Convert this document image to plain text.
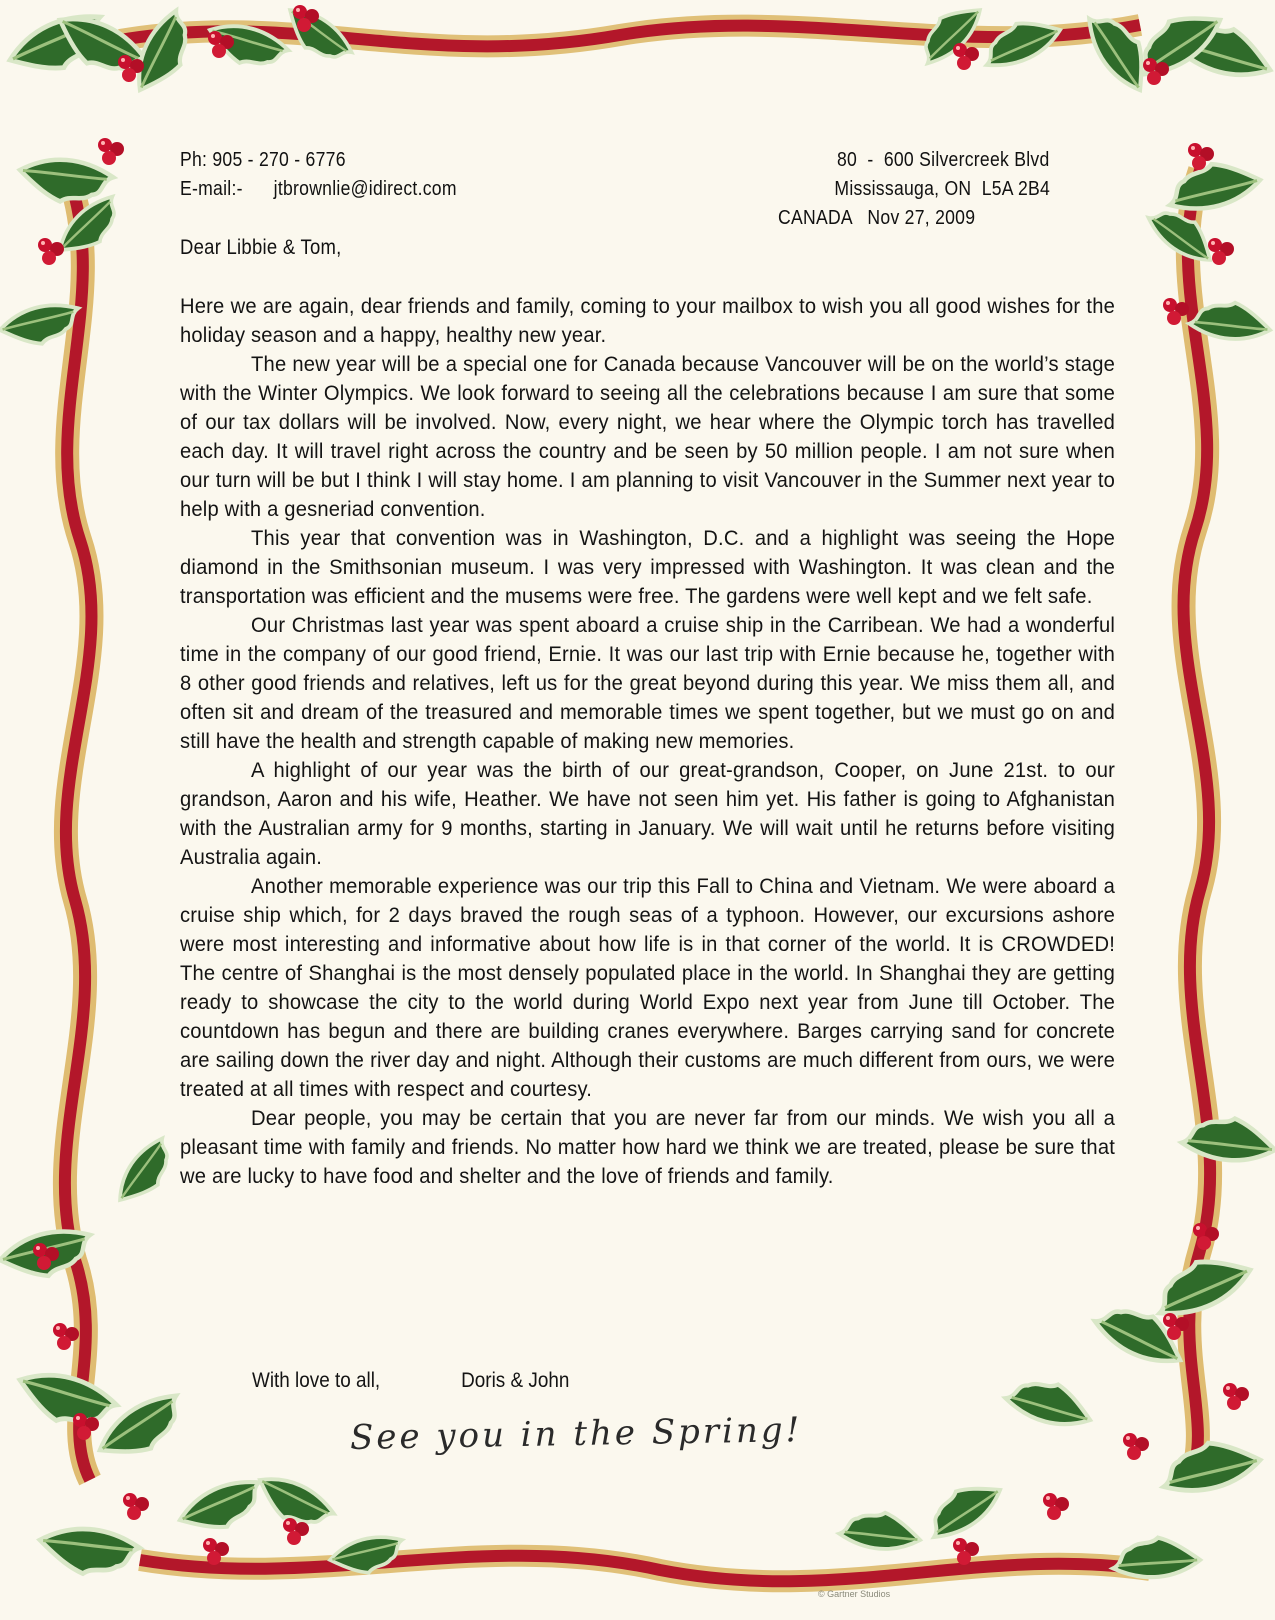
Ph: 905 - 270 - 6776
E-mail:-      jtbrownlie@idirect.com
80  -  600 Silvercreek Blvd
Mississauga, ON  L5A 2B4
CANADA   Nov 27, 2009
Dear Libbie & Tom,

Here we are again, dear friends and family, coming to your mailbox to wish you all good wishes for the holiday season and a happy, healthy new year.

The new year will be a special one for Canada because Vancouver will be on the world’s stage with the Winter Olympics. We look forward to seeing all the celebrations because I am sure that some of our tax dollars will be involved. Now, every night, we hear where the Olympic torch has travelled each day. It will travel right across the country and be seen by 50 million people. I am not sure when our turn will be but I think I will stay home. I am planning to visit Vancouver in the Summer next year to help with a gesneriad convention.

This year that convention was in Washington, D.C. and a highlight was seeing the Hope diamond in the Smithsonian museum. I was very impressed with Washington. It was clean and the transportation was efficient and the musems were free. The gardens were well kept and we felt safe.

Our Christmas last year was spent aboard a cruise ship in the Carribean. We had a wonderful time in the company of our good friend, Ernie. It was our last trip with Ernie because he, together with 8 other good friends and relatives, left us for the great beyond during this year. We miss them all, and often sit and dream of the treasured and memorable times we spent together, but we must go on and still have the health and strength capable of making new memories.

A highlight of our year was the birth of our great-grandson, Cooper, on June 21st. to our grandson, Aaron and his wife, Heather. We have not seen him yet. His father is going to Afghanistan with the Australian army for 9 months, starting in January. We will wait until he returns before visiting Australia again.

Another memorable experience was our trip this Fall to China and Vietnam. We were aboard a cruise ship which, for 2 days braved the rough seas of a typhoon. However, our excursions ashore were most interesting and informative about how life is in that corner of the world. It is CROWDED! The centre of Shanghai is the most densely populated place in the world. In Shanghai they are getting ready to showcase the city to the world during World Expo next year from June till October. The countdown has begun and there are building cranes everywhere. Barges carrying sand for concrete are sailing down the river day and night. Although their customs are much different from ours, we were treated at all times with respect and courtesy.

Dear people, you may be certain that you are never far from our minds. We wish you all a pleasant time with family and friends. No matter how hard we think we are treated, please be sure that we are lucky to have food and shelter and the love of friends and family.

With love to all,	Doris & John
See you in the Spring!
© Gartner Studios
